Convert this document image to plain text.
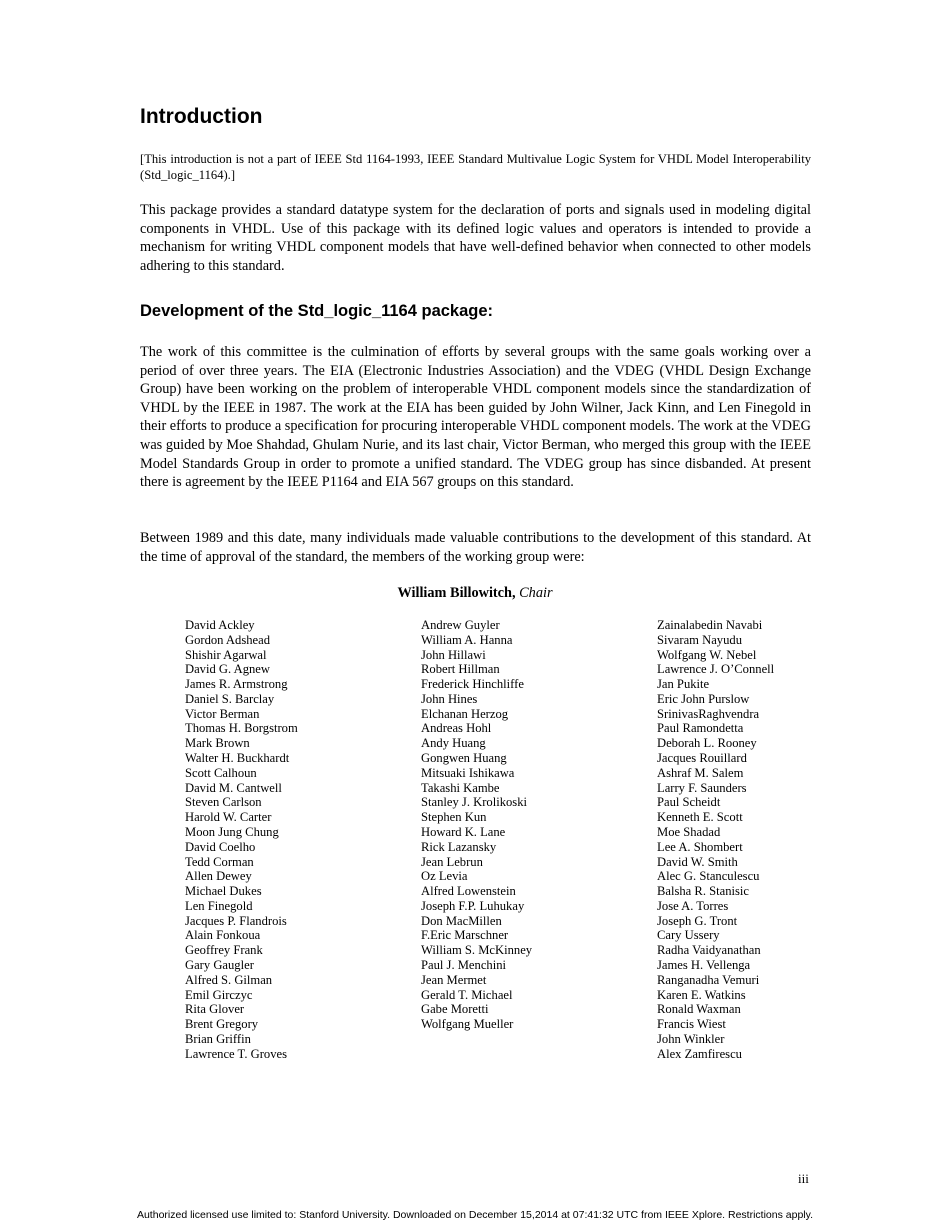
Introduction

[This introduction is not a part of IEEE Std 1164-1993, IEEE Standard Multivalue Logic System for VHDL Model Interoperability (Std_logic_1164).]

This package provides a standard datatype system for the declaration of ports and signals used in modeling digital components in VHDL. Use of this package with its defined logic values and operators is intended to provide a mechanism for writing VHDL component models that have well-defined behavior when connected to other models adhering to this standard.

Development of the Std_logic_1164 package:

The work of this committee is the culmination of efforts by several groups with the same goals working over a period of over three years. The EIA (Electronic Industries Association) and the VDEG (VHDL Design Exchange Group) have been working on the problem of interoperable VHDL component models since the standardization of VHDL by the IEEE in 1987. The work at the EIA has been guided by John Wilner, Jack Kinn, and Len Finegold in their efforts to produce a specification for procuring interoperable VHDL component models. The work at the VDEG was guided by Moe Shahdad, Ghulam Nurie, and its last chair, Victor Berman, who merged this group with the IEEE Model Standards Group in order to promote a unified standard. The VDEG group has since disbanded. At present there is agreement by the IEEE P1164 and EIA 567 groups on this standard.

Between 1989 and this date, many individuals made valuable contributions to the development of this standard. At the time of approval of the standard, the members of the working group were:

William Billowitch, Chair
David Ackley
Gordon Adshead
Shishir Agarwal
David G. Agnew
James R. Armstrong
Daniel S. Barclay
Victor Berman
Thomas H. Borgstrom
Mark Brown
Walter H. Buckhardt
Scott Calhoun
David M. Cantwell
Steven Carlson
Harold W. Carter
Moon Jung Chung
David Coelho
Tedd Corman
Allen Dewey
Michael Dukes
Len Finegold
Jacques P. Flandrois
Alain Fonkoua
Geoffrey Frank
Gary Gaugler
Alfred S. Gilman
Emil Girczyc
Rita Glover
Brent Gregory
Brian Griffin
Lawrence T. Groves
Andrew Guyler
William A. Hanna
John Hillawi
Robert Hillman
Frederick Hinchliffe
John Hines
Elchanan Herzog
Andreas Hohl
Andy Huang
Gongwen Huang
Mitsuaki Ishikawa
Takashi Kambe
Stanley J. Krolikoski
Stephen Kun
Howard K. Lane
Rick Lazansky
Jean Lebrun
Oz Levia
Alfred Lowenstein
Joseph F.P. Luhukay
Don MacMillen
F.Eric Marschner
William S. McKinney
Paul J. Menchini
Jean Mermet
Gerald T. Michael
Gabe Moretti
Wolfgang Mueller
Zainalabedin Navabi
Sivaram Nayudu
Wolfgang W. Nebel
Lawrence J. O’Connell
Jan Pukite
Eric John Purslow
SrinivasRaghvendra
Paul Ramondetta
Deborah L. Rooney
Jacques Rouillard
Ashraf M. Salem
Larry F. Saunders
Paul Scheidt
Kenneth E. Scott
Moe Shadad
Lee A. Shombert
David W. Smith
Alec G. Stanculescu
Balsha R. Stanisic
Jose A. Torres
Joseph G. Tront
Cary Ussery
Radha Vaidyanathan
James H. Vellenga
Ranganadha Vemuri
Karen E. Watkins
Ronald Waxman
Francis Wiest
John Winkler
Alex Zamfirescu
iii
Authorized licensed use limited to: Stanford University. Downloaded on December 15,2014 at 07:41:32 UTC from IEEE Xplore. Restrictions apply.
